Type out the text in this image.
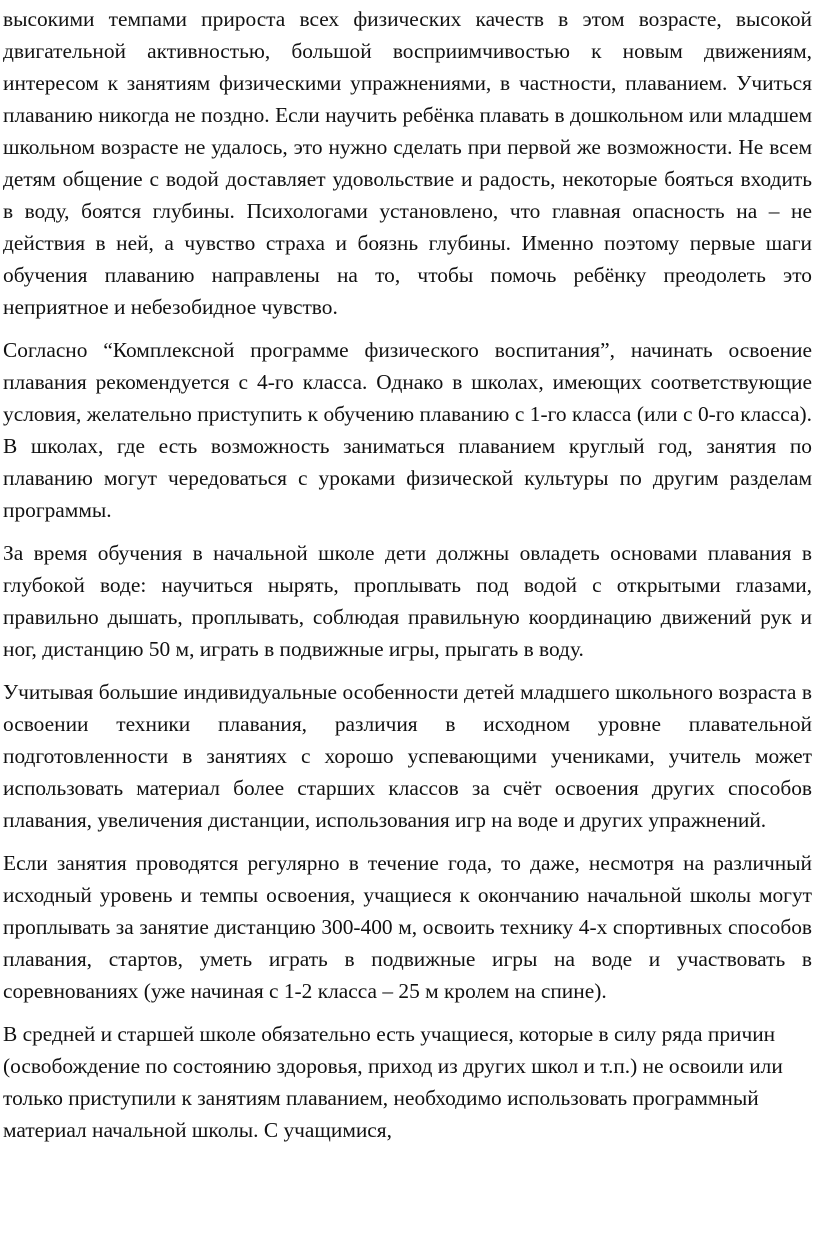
высокими темпами прироста всех физических качеств в этом возрасте, высокой двигательной активностью, большой восприимчивостью к новым движениям, интересом к занятиям физическими упражнениями, в частности, плаванием. Учиться плаванию никогда не поздно. Если научить ребёнка плавать в дошкольном или младшем школьном возрасте не удалось, это нужно сделать при первой же возможности. Не всем детям общение с водой доставляет удовольствие и радость, некоторые бояться входить в воду, боятся глубины. Психологами установлено, что главная опасность на – не действия в ней, а чувство страха и боязнь глубины. Именно поэтому первые шаги обучения плаванию направлены на то, чтобы помочь ребёнку преодолеть это неприятное и небезобидное чувство.

Согласно “Комплексной программе физического воспитания”, начинать освоение плавания рекомендуется с 4-го класса. Однако в школах, имеющих соответствующие условия, желательно приступить к обучению плаванию с 1-го класса (или с 0-го класса). В школах, где есть возможность заниматься плаванием круглый год, занятия по плаванию могут чередоваться с уроками физической культуры по другим разделам программы.

За время обучения в начальной школе дети должны овладеть основами плавания в глубокой воде: научиться нырять, проплывать под водой с открытыми глазами, правильно дышать, проплывать, соблюдая правильную координацию движений рук и ног, дистанцию 50 м, играть в подвижные игры, прыгать в воду.

Учитывая большие индивидуальные особенности детей младшего школьного возраста в освоении техники плавания, различия в исходном уровне плавательной подготовленности в занятиях с хорошо успевающими учениками, учитель может использовать материал более старших классов за счёт освоения других способов плавания, увеличения дистанции, использования игр на воде и других упражнений.

Если занятия проводятся регулярно в течение года, то даже, несмотря на различный исходный уровень и темпы освоения, учащиеся к окончанию начальной школы могут проплывать за занятие дистанцию 300-400 м, освоить технику 4-х спортивных способов плавания, стартов, уметь играть в подвижные игры на воде и участвовать в соревнованиях (уже начиная с 1-2 класса – 25 м кролем на спине).

В средней и старшей школе обязательно есть учащиеся, которые в силу ряда причин (освобождение по состоянию здоровья, приход из других школ и т.п.) не освоили или только приступили к занятиям плаванием, необходимо использовать программный материал начальной школы. С учащимися,
